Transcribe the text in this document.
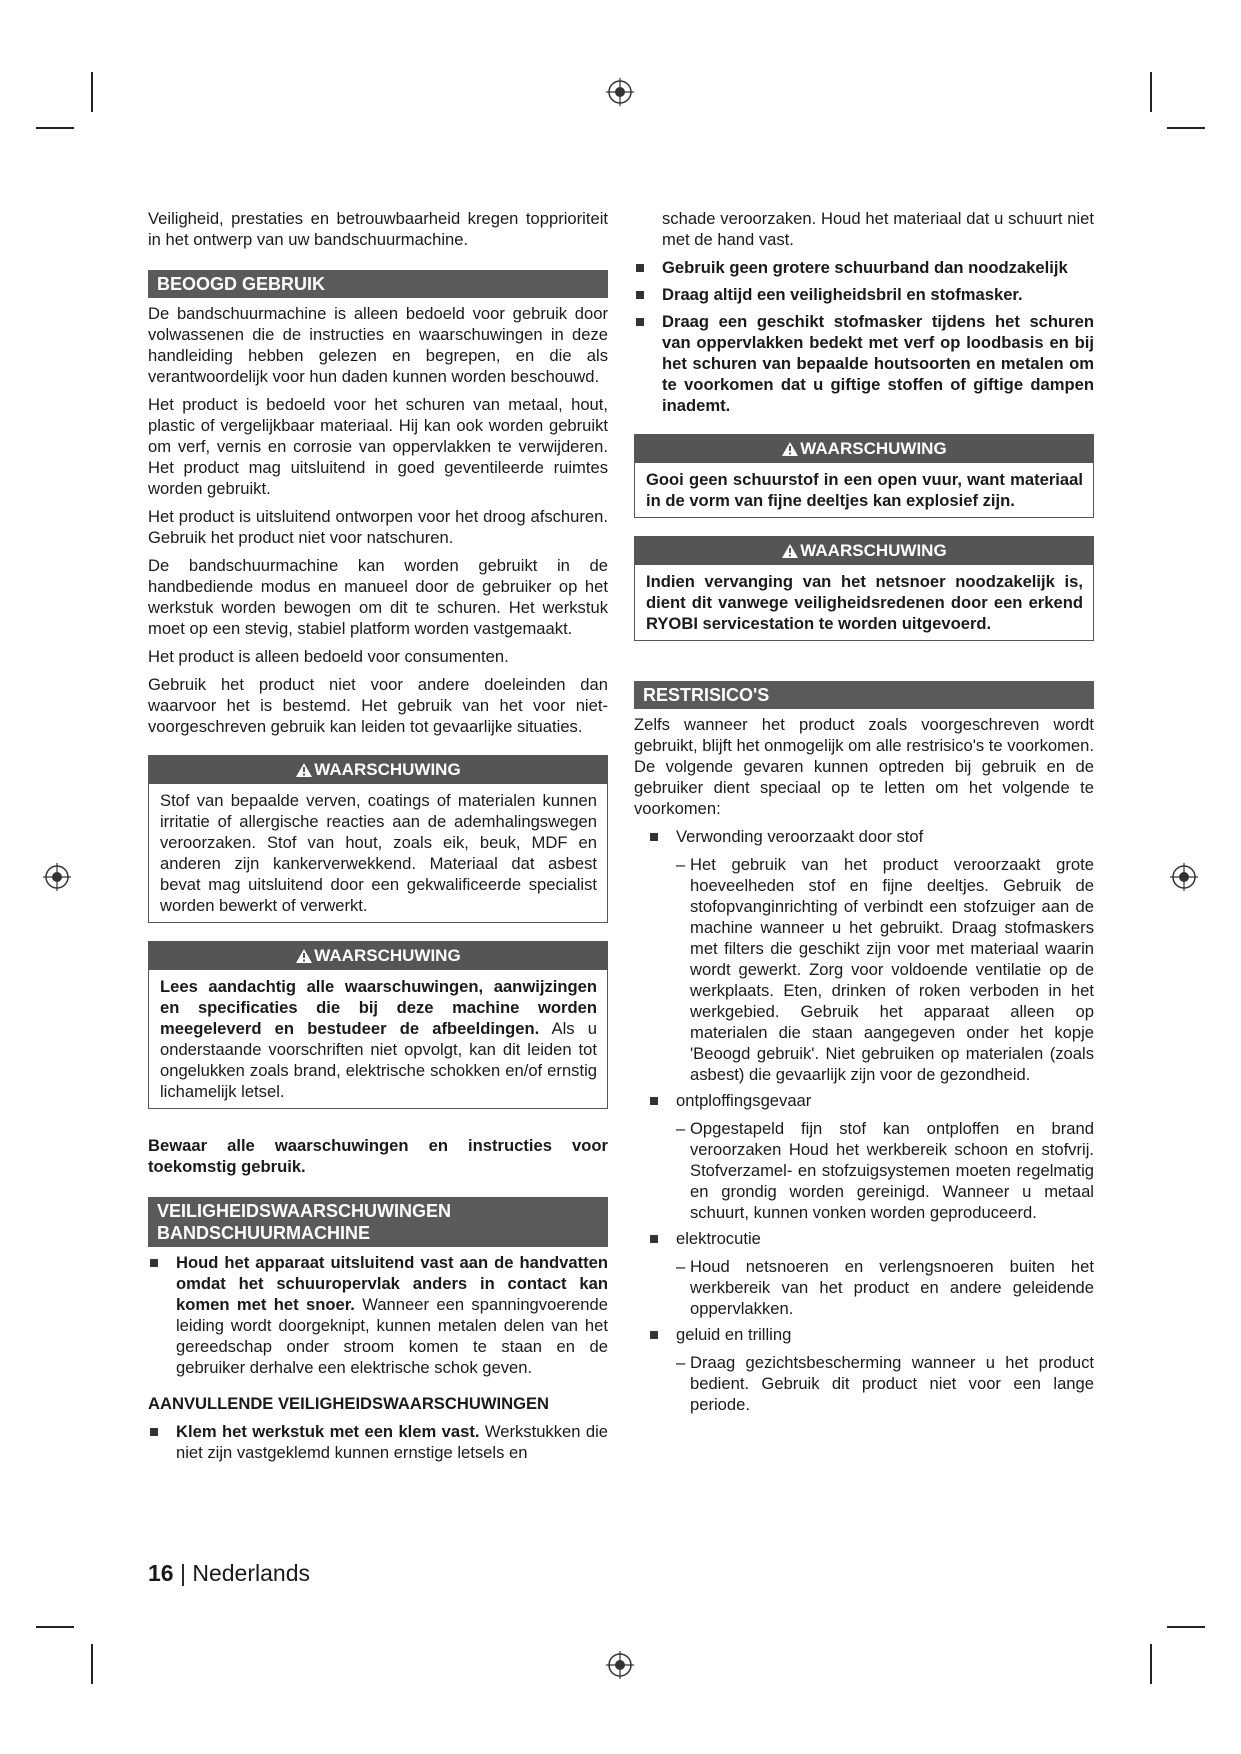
Veiligheid, prestaties en betrouwbaarheid kregen topprioriteit in het ontwerp van uw bandschuurmachine.

BEOOGD GEBRUIK

De bandschuurmachine is alleen bedoeld voor gebruik door volwassenen die de instructies en waarschuwingen in deze handleiding hebben gelezen en begrepen, en die als verantwoordelijk voor hun daden kunnen worden beschouwd.

Het product is bedoeld voor het schuren van metaal, hout, plastic of vergelijkbaar materiaal. Hij kan ook worden gebruikt om verf, vernis en corrosie van oppervlakken te verwijderen. Het product mag uitsluitend in goed geventileerde ruimtes worden gebruikt.

Het product is uitsluitend ontworpen voor het droog afschuren. Gebruik het product niet voor natschuren.

De bandschuurmachine kan worden gebruikt in de handbediende modus en manueel door de gebruiker op het werkstuk worden bewogen om dit te schuren. Het werkstuk moet op een stevig, stabiel platform worden vastgemaakt.

Het product is alleen bedoeld voor consumenten.

Gebruik het product niet voor andere doeleinden dan waarvoor het is bestemd. Het gebruik van het voor niet-voorgeschreven gebruik kan leiden tot gevaarlijke situaties.

WAARSCHUWING
Stof van bepaalde verven, coatings of materialen kunnen irritatie of allergische reacties aan de ademhalingswegen veroorzaken. Stof van hout, zoals eik, beuk, MDF en anderen zijn kankerverwekkend. Materiaal dat asbest bevat mag uitsluitend door een gekwalificeerde specialist worden bewerkt of verwerkt.
WAARSCHUWING
Lees aandachtig alle waarschuwingen, aanwijzingen en specificaties die bij deze machine worden meegeleverd en bestudeer de afbeeldingen. Als u onderstaande voorschriften niet opvolgt, kan dit leiden tot ongelukken zoals brand, elektrische schokken en/of ernstig lichamelijk letsel.

Bewaar alle waarschuwingen en instructies voor toekomstig gebruik.

VEILIGHEIDSWAARSCHUWINGEN
BANDSCHUURMACHINE
Houd het apparaat uitsluitend vast aan de handvatten omdat het schuuropervlak anders in contact kan komen met het snoer. Wanneer een spanningvoerende leiding wordt doorgeknipt, kunnen metalen delen van het gereedschap onder stroom komen te staan en de gebruiker derhalve een elektrische schok geven.
AANVULLENDE VEILIGHEIDSWAARSCHUWINGEN
Klem het werkstuk met een klem vast. Werkstukken die niet zijn vastgeklemd kunnen ernstige letsels en

schade veroorzaken. Houd het materiaal dat u schuurt niet met de hand vast.

Gebruik geen grotere schuurband dan noodzakelijk
Draag altijd een veiligheidsbril en stofmasker.
Draag een geschikt stofmasker tijdens het schuren van oppervlakken bedekt met verf op loodbasis en bij het schuren van bepaalde houtsoorten en metalen om te voorkomen dat u giftige stoffen of giftige dampen inademt.
WAARSCHUWING
Gooi geen schuurstof in een open vuur, want materiaal in de vorm van fijne deeltjes kan explosief zijn.
WAARSCHUWING
Indien vervanging van het netsnoer noodzakelijk is, dient dit vanwege veiligheidsredenen door een erkend RYOBI servicestation te worden uitgevoerd.
RESTRISICO'S

Zelfs wanneer het product zoals voorgeschreven wordt gebruikt, blijft het onmogelijk om alle restrisico's te voorkomen. De volgende gevaren kunnen optreden bij gebruik en de gebruiker dient speciaal op te letten om het volgende te voorkomen:

Verwonding veroorzaakt door stof
– Het gebruik van het product veroorzaakt grote hoeveelheden stof en fijne deeltjes. Gebruik de stofopvanginrichting of verbindt een stofzuiger aan de machine wanneer u het gebruikt. Draag stofmaskers met filters die geschikt zijn voor met materiaal waarin wordt gewerkt. Zorg voor voldoende ventilatie op de werkplaats. Eten, drinken of roken verboden in het werkgebied. Gebruik het apparaat alleen op materialen die staan aangegeven onder het kopje 'Beoogd gebruik'. Niet gebruiken op materialen (zoals asbest) die gevaarlijk zijn voor de gezondheid.
ontploffingsgevaar
– Opgestapeld fijn stof kan ontploffen en brand veroorzaken Houd het werkbereik schoon en stofvrij. Stofverzamel- en stofzuigsystemen moeten regelmatig en grondig worden gereinigd. Wanneer u metaal schuurt, kunnen vonken worden geproduceerd.
elektrocutie
– Houd netsnoeren en verlengsnoeren buiten het werkbereik van het product en andere geleidende oppervlakken.
geluid en trilling
– Draag gezichtsbescherming wanneer u het product bedient. Gebruik dit product niet voor een lange periode.
16 | Nederlands
